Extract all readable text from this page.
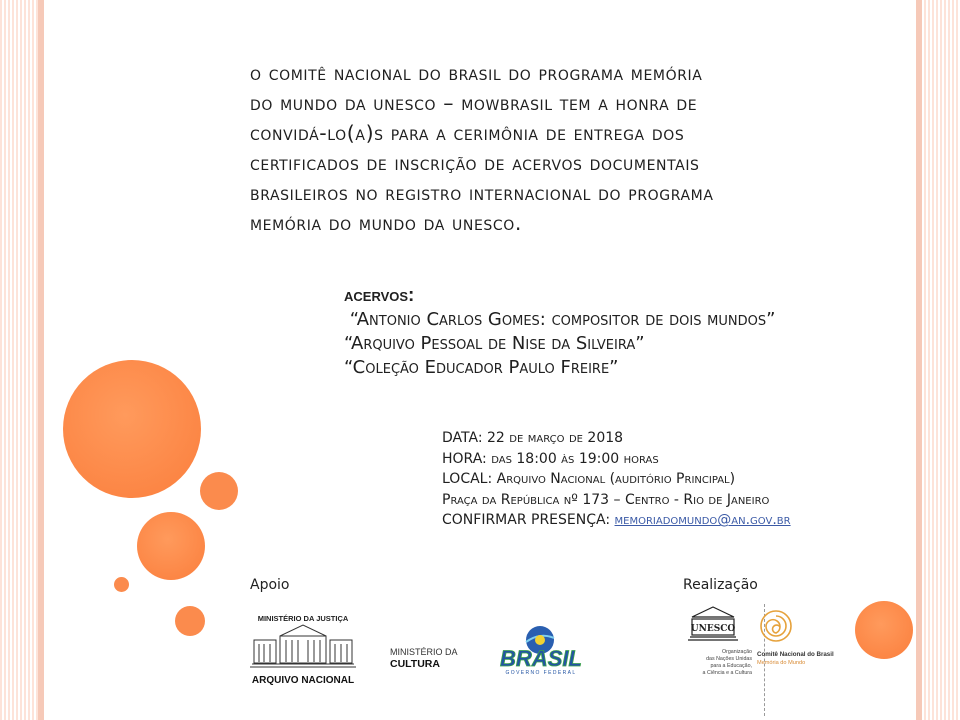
o comitê nacional do brasil do programa memória
do mundo da unesco – mowbrasil tem a honra de
convidá-lo(a)s para a cerimônia de entrega dos
certificados de inscrição de acervos documentais
brasileiros no registro internacional do programa
memória do mundo da unesco.
acervos:
“Antonio Carlos Gomes: compositor de dois mundos”
“Arquivo Pessoal de Nise da Silveira”
“Coleção Educador Paulo Freire”
DATA: 22 de março de 2018
HORA: das 18:00 às 19:00 horas
LOCAL: Arquivo Nacional (auditório Principal)
Praça da República nº 173 – Centro - Rio de Janeiro
CONFIRMAR PRESENÇA: memoriadomundo@an.gov.br
Apoio	Realização
MINISTÉRIO DA JUSTIÇA
ARQUIVO NACIONAL
MINISTÉRIO DA
CULTURA	BRASIL
GOVERNO FEDERAL
UNESCO
Organização
das Nações Unidas
para a Educação,
a Ciência e a Cultura
Comitê Nacional do Brasil
Memória do Mundo
